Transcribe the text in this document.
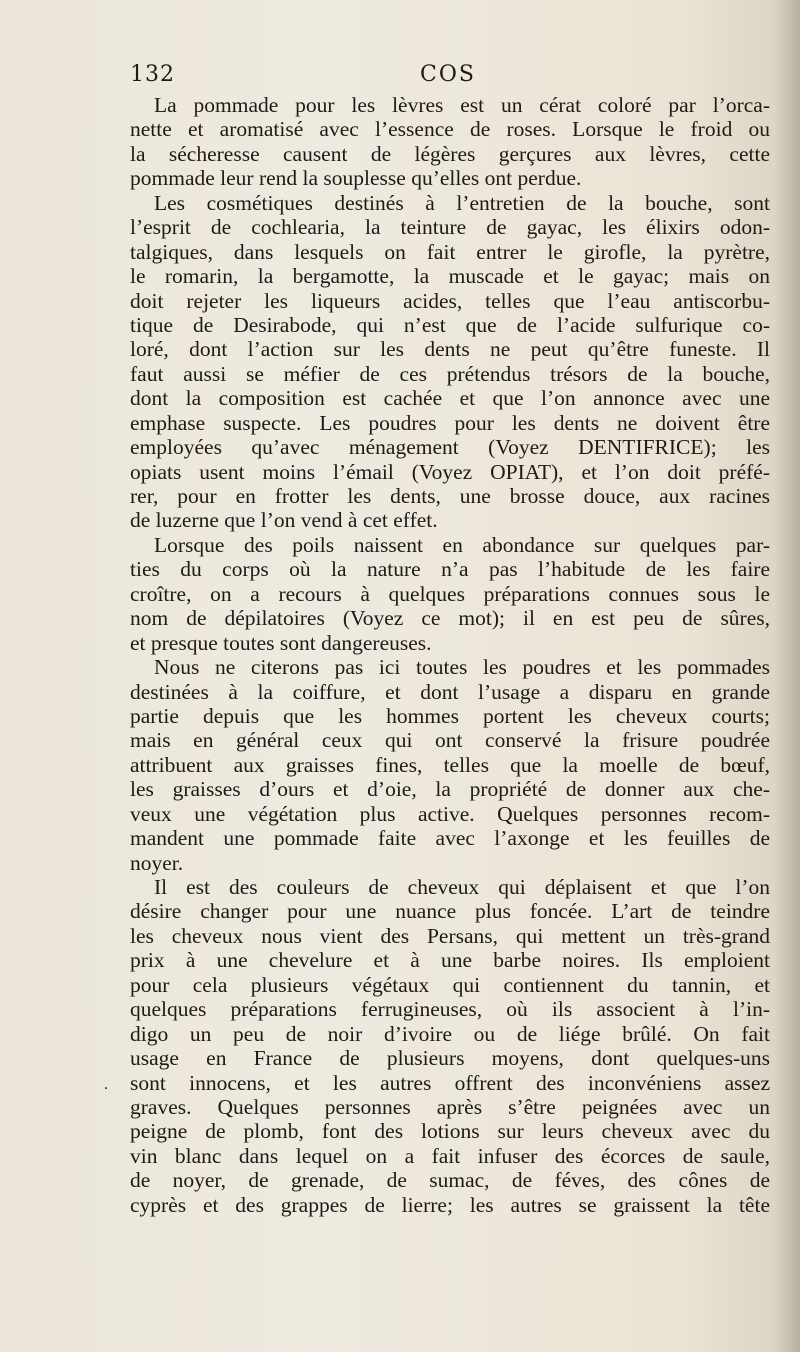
132	COS
La pommade pour les lèvres est un cérat coloré par l’orca-
nette et aromatisé avec l’essence de roses. Lorsque le froid ou
la sécheresse causent de légères gerçures aux lèvres, cette
pommade leur rend la souplesse qu’elles ont perdue.
Les cosmétiques destinés à l’entretien de la bouche, sont
l’esprit de cochlearia, la teinture de gayac, les élixirs odon-
talgiques, dans lesquels on fait entrer le girofle, la pyrètre,
le romarin, la bergamotte, la muscade et le gayac; mais on
doit rejeter les liqueurs acides, telles que l’eau antiscorbu-
tique de Desirabode, qui n’est que de l’acide sulfurique co-
loré, dont l’action sur les dents ne peut qu’être funeste. Il
faut aussi se méfier de ces prétendus trésors de la bouche,
dont la composition est cachée et que l’on annonce avec une
emphase suspecte. Les poudres pour les dents ne doivent être
employées qu’avec ménagement (Voyez DENTIFRICE); les
opiats usent moins l’émail (Voyez OPIAT), et l’on doit préfé-
rer, pour en frotter les dents, une brosse douce, aux racines
de luzerne que l’on vend à cet effet.
Lorsque des poils naissent en abondance sur quelques par-
ties du corps où la nature n’a pas l’habitude de les faire
croître, on a recours à quelques préparations connues sous le
nom de dépilatoires (Voyez ce mot); il en est peu de sûres,
et presque toutes sont dangereuses.
Nous ne citerons pas ici toutes les poudres et les pommades
destinées à la coiffure, et dont l’usage a disparu en grande
partie depuis que les hommes portent les cheveux courts;
mais en général ceux qui ont conservé la frisure poudrée
attribuent aux graisses fines, telles que la moelle de bœuf,
les graisses d’ours et d’oie, la propriété de donner aux che-
veux une végétation plus active. Quelques personnes recom-
mandent une pommade faite avec l’axonge et les feuilles de
noyer.
Il est des couleurs de cheveux qui déplaisent et que l’on
désire changer pour une nuance plus foncée. L’art de teindre
les cheveux nous vient des Persans, qui mettent un très-grand
prix à une chevelure et à une barbe noires. Ils emploient
pour cela plusieurs végétaux qui contiennent du tannin, et
quelques préparations ferrugineuses, où ils associent à l’in-
digo un peu de noir d’ivoire ou de liége brûlé. On fait
usage en France de plusieurs moyens, dont quelques-uns
sont innocens, et les autres offrent des inconvéniens assez
graves. Quelques personnes après s’être peignées avec un
peigne de plomb, font des lotions sur leurs cheveux avec du
vin blanc dans lequel on a fait infuser des écorces de saule,
de noyer, de grenade, de sumac, de féves, des cônes de
cyprès et des grappes de lierre; les autres se graissent la tête
.
